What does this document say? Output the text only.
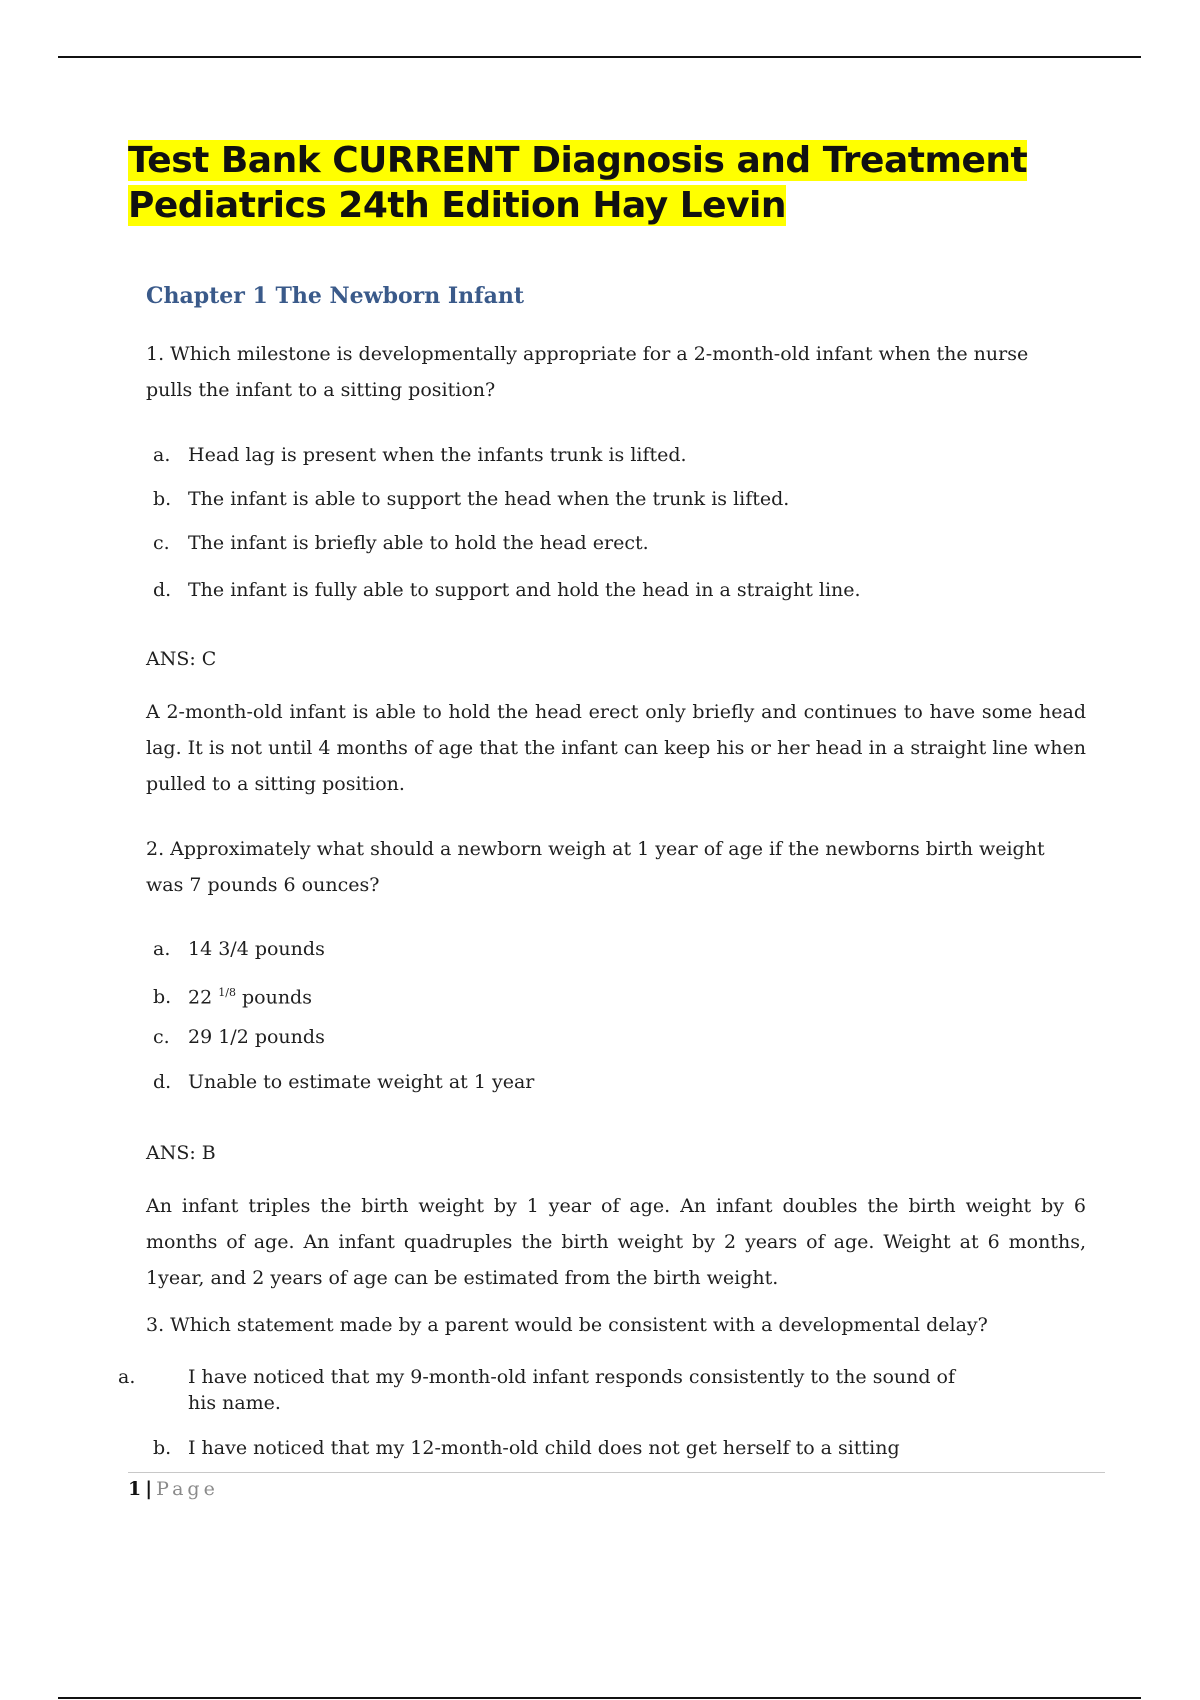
Test Bank CURRENT Diagnosis and Treatment
Pediatrics 24th Edition Hay Levin
Chapter 1 The Newborn Infant

1. Which milestone is developmentally appropriate for a 2-month-old infant when the nurse pulls the infant to a sitting position?

a. Head lag is present when the infants trunk is lifted.

b. The infant is able to support the head when the trunk is lifted.

c. The infant is briefly able to hold the head erect.

d. The infant is fully able to support and hold the head in a straight line.

ANS: C

A 2-month-old infant is able to hold the head erect only briefly and continues to have some head lag. It is not until 4 months of age that the infant can keep his or her head in a straight line when pulled to a sitting position.

2. Approximately what should a newborn weigh at 1 year of age if the newborns birth weight was 7 pounds 6 ounces?

a. 14 3/4 pounds

b. 22 $^{1/8}$ pounds

c. 29 1/2 pounds

d. Unable to estimate weight at 1 year

ANS: B

An infant triples the birth weight by 1 year of age. An infant doubles the birth weight by 6 months of age. An infant quadruples the birth weight by 2 years of age. Weight at 6 months, 1year, and 2 years of age can be estimated from the birth weight.

3. Which statement made by a parent would be consistent with a developmental delay?

a.	I have noticed that my 9-month-old infant responds consistently to the sound of his name.

b. I have noticed that my 12-month-old child does not get herself to a sitting

1 | Page
